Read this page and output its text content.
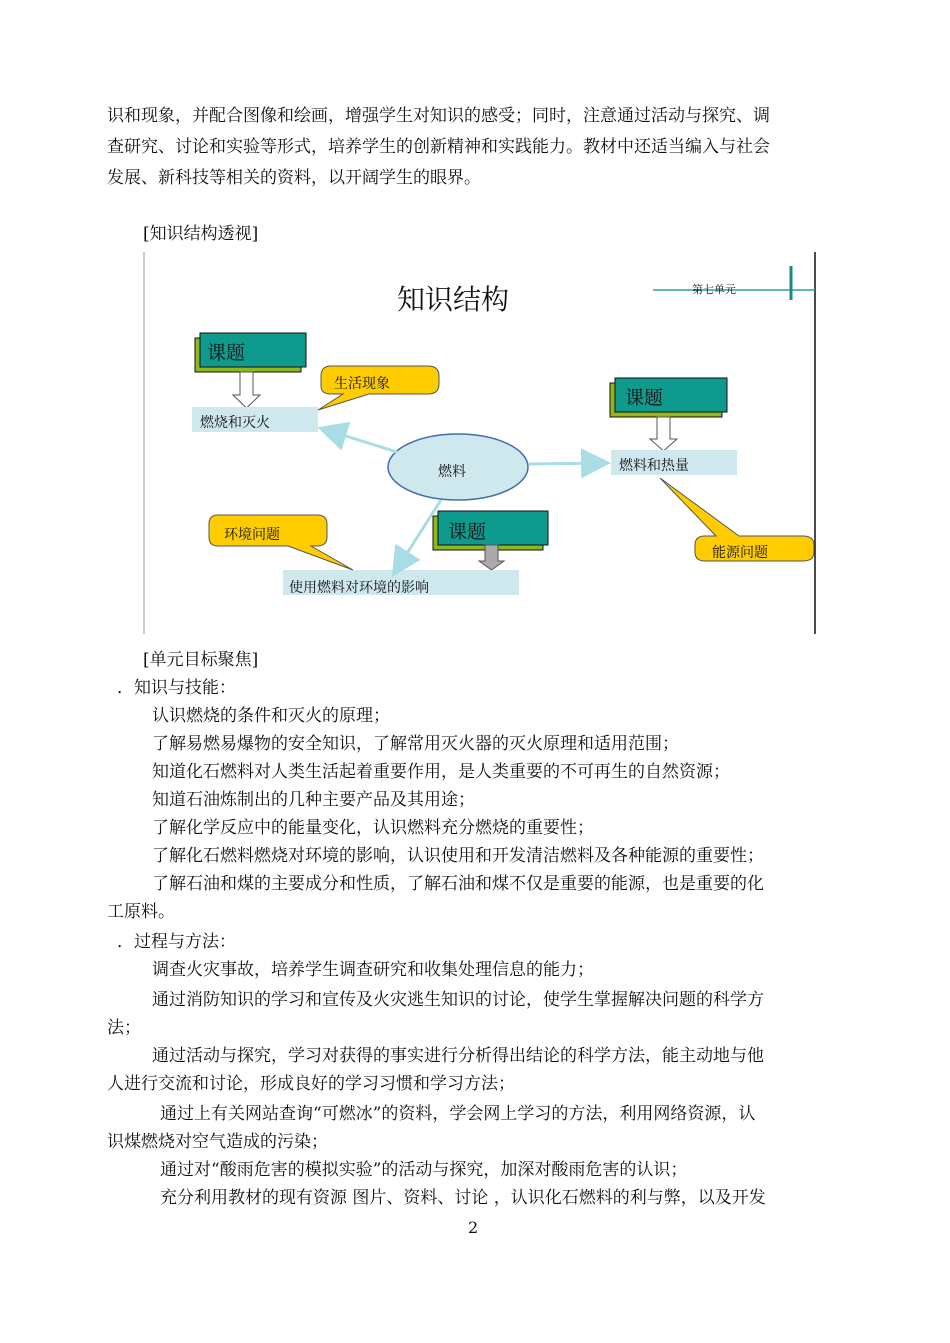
识和现象，并配合图像和绘画，增强学生对知识的感受；同时，注意通过活动与探究、调
查研究、讨论和实验等形式，培养学生的创新精神和实践能力。教材中还适当编入与社会
发展、新科技等相关的资料，以开阔学生的眼界。
[知识结构透视]
知识结构	第七单元
课题
课题
课题
燃烧和灭火
燃料和热量
使用燃料对环境的影响
燃料
生活现象
环境问题
能源问题
[单元目标聚焦]
．知识与技能：
认识燃烧的条件和灭火的原理；
了解易燃易爆物的安全知识，了解常用灭火器的灭火原理和适用范围；
知道化石燃料对人类生活起着重要作用，是人类重要的不可再生的自然资源；
知道石油炼制出的几种主要产品及其用途；
了解化学反应中的能量变化，认识燃料充分燃烧的重要性；
了解化石燃料燃烧对环境的影响，认识使用和开发清洁燃料及各种能源的重要性；
了解石油和煤的主要成分和性质，了解石油和煤不仅是重要的能源，也是重要的化
工原料。
．过程与方法：
调查火灾事故，培养学生调查研究和收集处理信息的能力；
通过消防知识的学习和宣传及火灾逃生知识的讨论，使学生掌握解决问题的科学方
法；
通过活动与探究，学习对获得的事实进行分析得出结论的科学方法，能主动地与他
人进行交流和讨论，形成良好的学习习惯和学习方法；
通过上有关网站查询“可燃冰”的资料，学会网上学习的方法，利用网络资源，认
识煤燃烧对空气造成的污染；
通过对“酸雨危害的模拟实验”的活动与探究，加深对酸雨危害的认识；
充分利用教材的现有资源 图片、资料、讨论 ，认识化石燃料的利与弊，以及开发
2
